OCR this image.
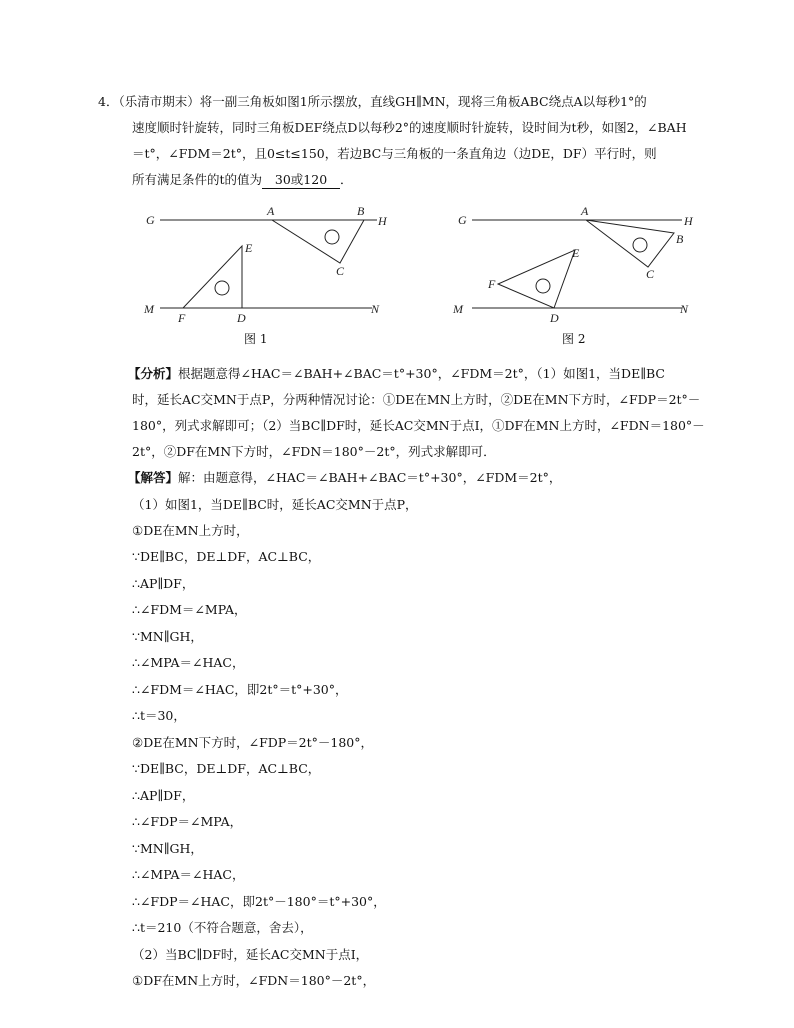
4．（乐清市期末）将一副三角板如图1所示摆放，直线GH∥MN，现将三角板ABC绕点A以每秒1°的
速度顺时针旋转，同时三角板DEF绕点D以每秒2°的速度顺时针旋转，设时间为t秒，如图2，∠BAH
＝t°，∠FDM＝2t°，且0≤t≤150，若边BC与三角板的一条直角边（边DE，DF）平行时，则
所有满足条件的t的值为 30或120 ．
G
A	B
H
E
C
M
F	D
N
图 1
G
A
H
B
E
C
F
M
D
N
图 2
【分析】根据题意得∠HAC＝∠BAH+∠BAC＝t°+30°，∠FDM＝2t°，（1）如图1，当DE∥BC
时，延长AC交MN于点P，分两种情况讨论：①DE在MN上方时，②DE在MN下方时，∠FDP＝2t°－
180°，列式求解即可；（2）当BC∥DF时，延长AC交MN于点I，①DF在MN上方时，∠FDN＝180°－
2t°，②DF在MN下方时，∠FDN＝180°－2t°，列式求解即可．
【解答】解：由题意得，∠HAC＝∠BAH+∠BAC＝t°+30°，∠FDM＝2t°，
（1）如图1，当DE∥BC时，延长AC交MN于点P，
①DE在MN上方时，
∵DE∥BC，DE⊥DF，AC⊥BC，
∴AP∥DF，
∴∠FDM＝∠MPA，
∵MN∥GH，
∴∠MPA＝∠HAC，
∴∠FDM＝∠HAC，即2t°＝t°+30°，
∴t＝30，
②DE在MN下方时，∠FDP＝2t°－180°，
∵DE∥BC，DE⊥DF，AC⊥BC，
∴AP∥DF，
∴∠FDP＝∠MPA，
∵MN∥GH，
∴∠MPA＝∠HAC，
∴∠FDP＝∠HAC，即2t°－180°＝t°+30°，
∴t＝210（不符合题意，舍去），
（2）当BC∥DF时，延长AC交MN于点I，
①DF在MN上方时，∠FDN＝180°－2t°，
